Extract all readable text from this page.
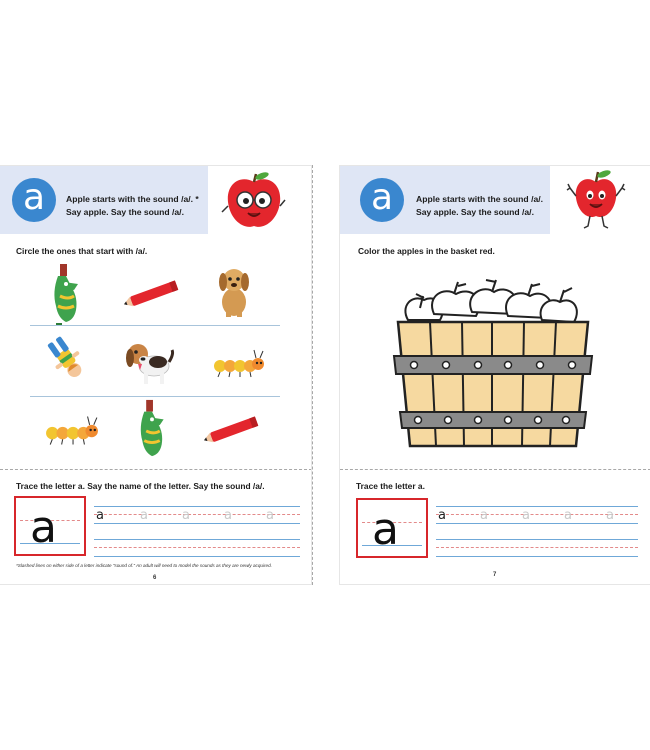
a	Apple starts with the sound /a/. *
Say apple. Say the sound /a/.
Circle the ones that start with /a/.
Trace the letter a. Say the name of the letter. Say the sound /a/.
a	a	a	a	a	a
*Slashed lines on either side of a letter indicate "sound of." An adult will need to model the sounds as they are newly acquired.
6
a	Apple starts with the sound /a/.
Say apple. Say the sound /a/.
Color the apples in the basket red.
Trace the letter a.
a	a	a	a	a	a
7
